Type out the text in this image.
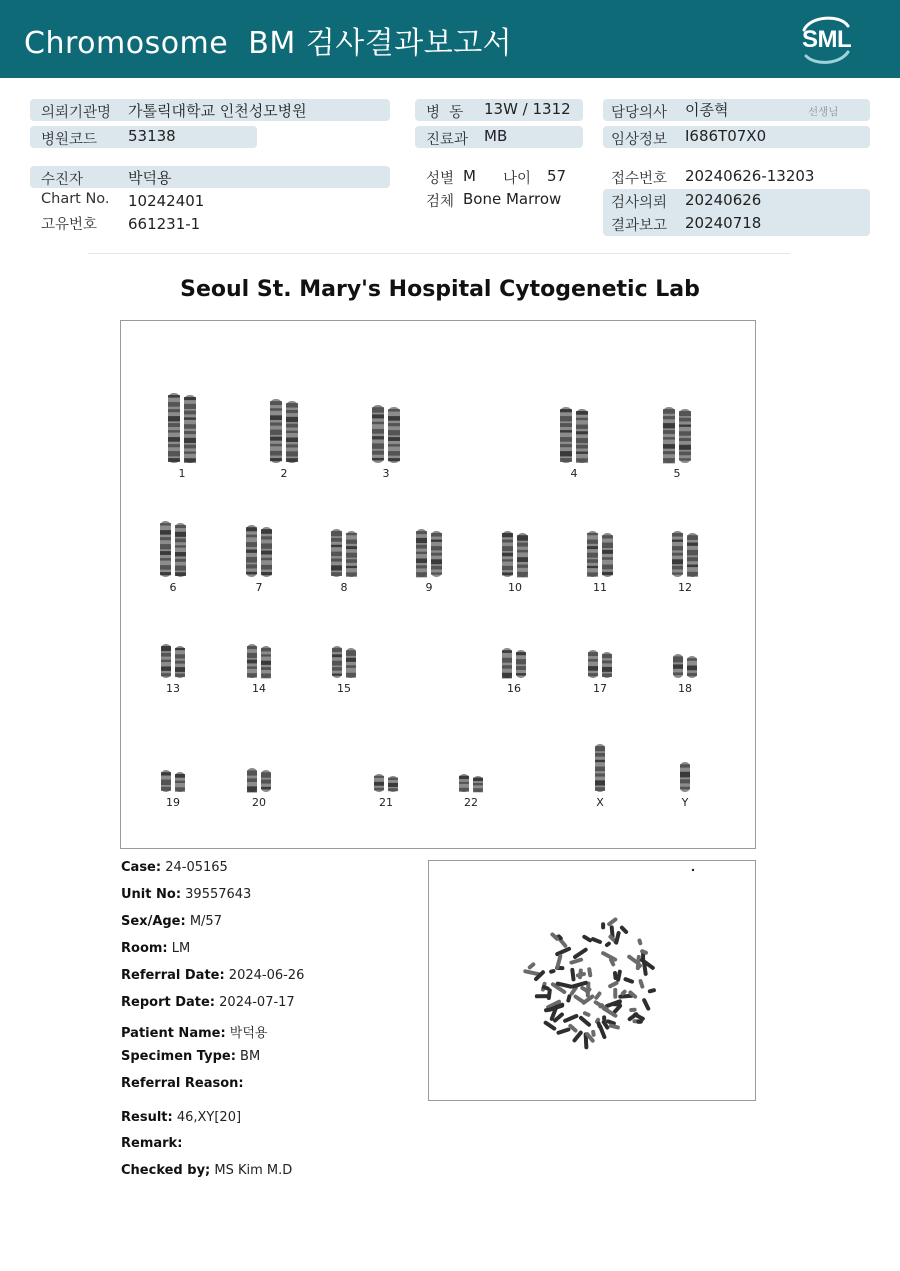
Chromosome  BM 검사결과보고서	SML
의뢰기관명 가톨릭대학교 인천성모병원
병원코드 53138
수진자	박덕용
Chart No. 10242401
고유번호 661231-1
병  동 13W / 1312
진료과 MB
성별 M 나이 57
검체 Bone Marrow
담당의사 이종혁	선생님
임상정보 I686T07X0
접수번호 20240626-13203
검사의뢰 20240626
결과보고 20240718
Seoul St. Mary's Hospital Cytogenetic Lab
1	2	3	4	5
6	7	8	9	10	11	12
13	14	15	16	17	18
19	20	21	22	X	Y
Case: 24-05165
Unit No: 39557643
Sex/Age: M/57
Room: LM
Referral Date: 2024-06-26
Report Date: 2024-07-17
Patient Name: 박덕용
Specimen Type: BM
Referral Reason:
Result: 46,XY[20]
Remark:
Checked by; MS Kim M.D
